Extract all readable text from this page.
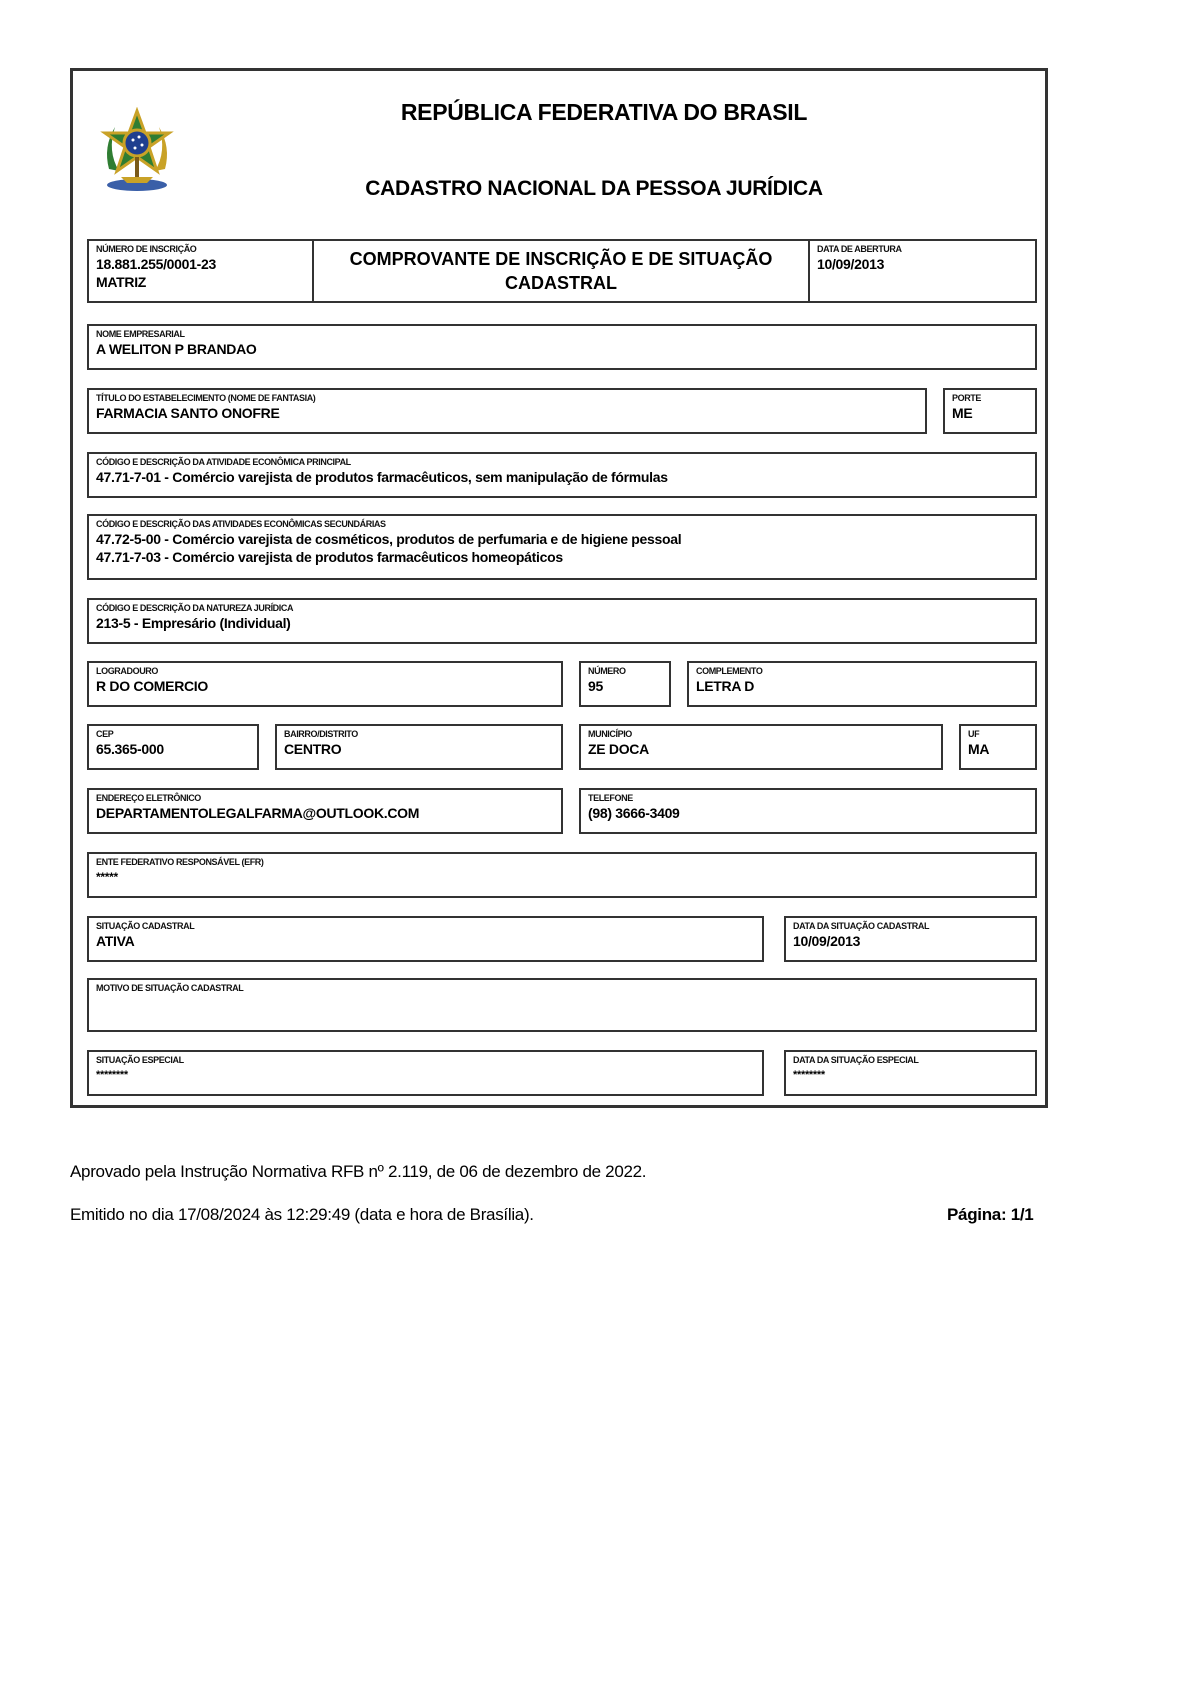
REPÚBLICA FEDERATIVA DO BRASIL
CADASTRO NACIONAL DA PESSOA JURÍDICA
NÚMERO DE INSCRIÇÃO
18.881.255/0001-23
MATRIZ
COMPROVANTE DE INSCRIÇÃO E DE SITUAÇÃO
CADASTRAL
DATA DE ABERTURA
10/09/2013
NOME EMPRESARIAL
A WELITON P BRANDAO
TÍTULO DO ESTABELECIMENTO (NOME DE FANTASIA)
FARMACIA SANTO ONOFRE
PORTE
ME
CÓDIGO E DESCRIÇÃO DA ATIVIDADE ECONÔMICA PRINCIPAL
47.71-7-01 - Comércio varejista de produtos farmacêuticos, sem manipulação de fórmulas
CÓDIGO E DESCRIÇÃO DAS ATIVIDADES ECONÔMICAS SECUNDÁRIAS
47.72-5-00 - Comércio varejista de cosméticos, produtos de perfumaria e de higiene pessoal
47.71-7-03 - Comércio varejista de produtos farmacêuticos homeopáticos
CÓDIGO E DESCRIÇÃO DA NATUREZA JURÍDICA
213-5 - Empresário (Individual)
LOGRADOURO
R DO COMERCIO
NÚMERO
95
COMPLEMENTO
LETRA D
CEP
65.365-000
BAIRRO/DISTRITO
CENTRO
MUNICÍPIO
ZE DOCA
UF
MA
ENDEREÇO ELETRÔNICO
DEPARTAMENTOLEGALFARMA@OUTLOOK.COM
TELEFONE
(98) 3666-3409
ENTE FEDERATIVO RESPONSÁVEL (EFR)
*****
SITUAÇÃO CADASTRAL
ATIVA
DATA DA SITUAÇÃO CADASTRAL
10/09/2013
MOTIVO DE SITUAÇÃO CADASTRAL
SITUAÇÃO ESPECIAL
********
DATA DA SITUAÇÃO ESPECIAL
********
Aprovado pela Instrução Normativa RFB nº 2.119, de 06 de dezembro de 2022.
Emitido no dia 17/08/2024 às 12:29:49 (data e hora de Brasília).	Página: 1/1
